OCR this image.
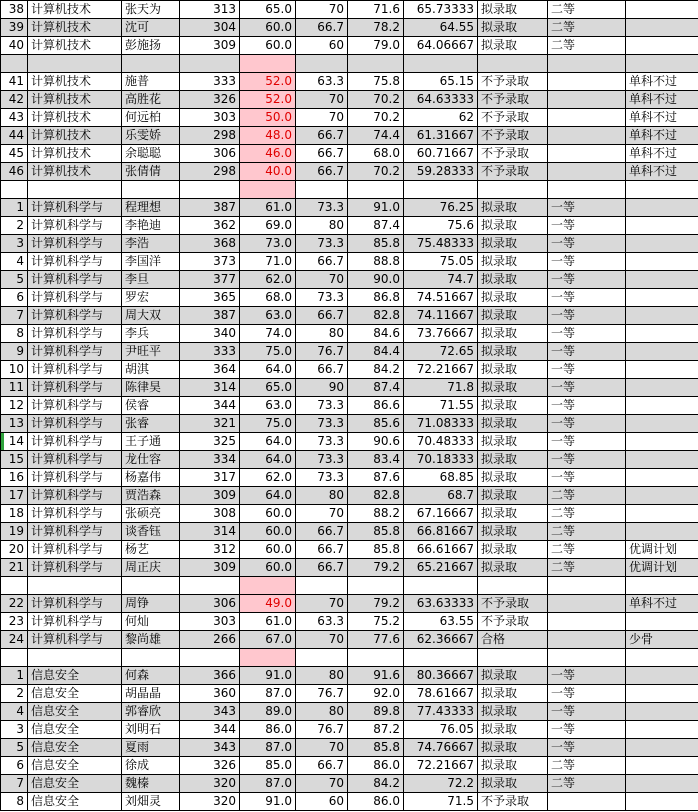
38	计算机技术	张天为	313	65.0	70	71.6	65.73333	拟录取	二等	
39	计算机技术	沈可	304	60.0	66.7	78.2	64.55	拟录取	二等	
40	计算机技术	彭施扬	309	60.0	60	79.0	64.06667	拟录取	二等	

41	计算机技术	施普	333	52.0	63.3	75.8	65.15	不予录取		单科不过
42	计算机技术	高胜花	326	52.0	70	70.2	64.63333	不予录取		单科不过
43	计算机技术	何远柏	303	50.0	70	70.2	62	不予录取		单科不过
44	计算机技术	乐雯娇	298	48.0	66.7	74.4	61.31667	不予录取		单科不过
45	计算机技术	余聪聪	306	46.0	66.7	68.0	60.71667	不予录取		单科不过
46	计算机技术	张倩倩	298	40.0	66.7	70.2	59.28333	不予录取		单科不过

1	计算机科学与	程理想	387	61.0	73.3	91.0	76.25	拟录取	一等	
2	计算机科学与	李艳迪	362	69.0	80	87.4	75.6	拟录取	一等	
3	计算机科学与	李浩	368	73.0	73.3	85.8	75.48333	拟录取	一等	
4	计算机科学与	李国洋	373	71.0	66.7	88.8	75.05	拟录取	一等	
5	计算机科学与	李旦	377	62.0	70	90.0	74.7	拟录取	一等	
6	计算机科学与	罗宏	365	68.0	73.3	86.8	74.51667	拟录取	一等	
7	计算机科学与	周大双	387	63.0	66.7	82.8	74.11667	拟录取	一等	
8	计算机科学与	李兵	340	74.0	80	84.6	73.76667	拟录取	一等	
9	计算机科学与	尹旺平	333	75.0	76.7	84.4	72.65	拟录取	一等	
10	计算机科学与	胡淇	364	64.0	66.7	84.2	72.21667	拟录取	一等	
11	计算机科学与	陈律昊	314	65.0	90	87.4	71.8	拟录取	一等	
12	计算机科学与	侯睿	344	63.0	73.3	86.6	71.55	拟录取	一等	
13	计算机科学与	张睿	321	75.0	73.3	85.6	71.08333	拟录取	一等	
14	计算机科学与	王子通	325	64.0	73.3	90.6	70.48333	拟录取	一等	
15	计算机科学与	龙仕容	334	64.0	73.3	83.4	70.18333	拟录取	一等	
16	计算机科学与	杨嘉伟	317	62.0	73.3	87.6	68.85	拟录取	一等	
17	计算机科学与	贾浩森	309	64.0	80	82.8	68.7	拟录取	二等	
18	计算机科学与	张硕亮	308	60.0	70	88.2	67.16667	拟录取	二等	
19	计算机科学与	谈香钰	314	60.0	66.7	85.8	66.81667	拟录取	二等	
20	计算机科学与	杨艺	312	60.0	66.7	85.8	66.61667	拟录取	二等	优调计划
21	计算机科学与	周正庆	309	60.0	66.7	79.2	65.21667	拟录取	二等	优调计划

22	计算机科学与	周铮	306	49.0	70	79.2	63.63333	不予录取		单科不过
23	计算机科学与	何灿	303	61.0	63.3	75.2	63.55	不予录取		
24	计算机科学与	黎尚雄	266	67.0	70	77.6	62.36667	合格		少骨

1	信息安全	何森	366	91.0	80	91.6	80.36667	拟录取	一等	
2	信息安全	胡晶晶	360	87.0	76.7	92.0	78.61667	拟录取	一等	
4	信息安全	郭睿欣	343	89.0	80	89.8	77.43333	拟录取	一等	
3	信息安全	刘明石	344	86.0	76.7	87.2	76.05	拟录取	一等	
5	信息安全	夏雨	343	87.0	70	85.8	74.76667	拟录取	一等	
6	信息安全	徐成	326	85.0	66.7	86.0	72.21667	拟录取	二等	
7	信息安全	魏榛	320	87.0	70	84.2	72.2	拟录取	二等	
8	信息安全	刘畑灵	320	91.0	60	86.0	71.5	不予录取		
